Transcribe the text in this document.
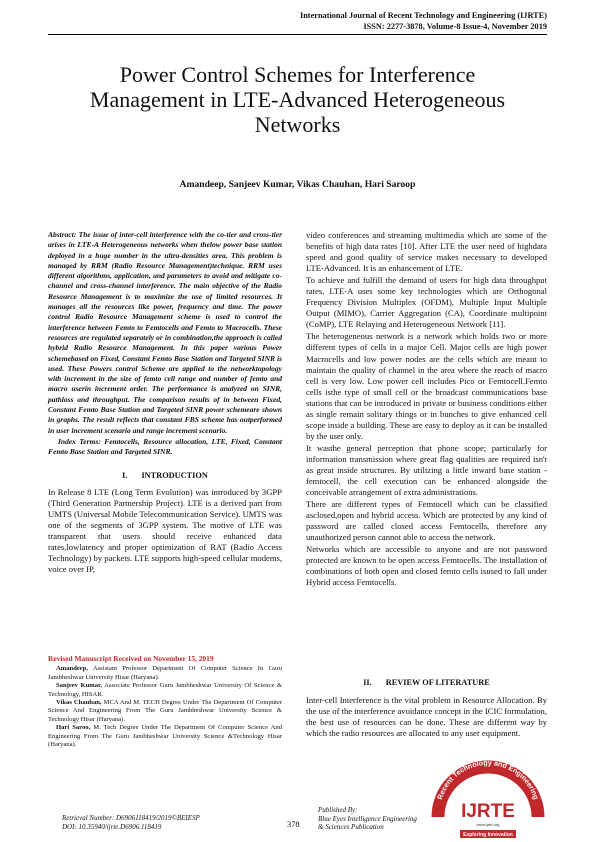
International Journal of Recent Technology and Engineering (IJRTE)
ISSN: 2277-3878, Volume-8 Issue-4, November 2019
Power Control Schemes for Interference Management in LTE-Advanced Heterogeneous Networks
Amandeep, Sanjeev Kumar, Vikas Chauhan, Hari Saroop

Abstract: The issue of inter-cell interference with the co-tier and cross-tier arises in LTE-A Heterogeneous networks when thelow power base station deployed in a huge number in the ultra-densities area. This problem is managed by RRM (Radio Resource Management)technique. RRM uses different algorithms, application, and parameters to avoid and mitigate co-channel and cross-channel interference. The main objective of the Radio Resource Management is to maximize the use of limited resources. It manages all the resources like power, frequency and time. The power control Radio Resource Management scheme is used to control the interference between Femto to Femtocells and Femto to Macrocells. These resources are regulated separately or in combination,the approach is called hybrid Radio Resource Management. In this paper various Power schemebased on Fixed, Constant Femto Base Station and Targeted SINR is used. These Powers control Scheme are applied to the networktopology with increment in the size of femto cell range and number of femto and macro userin increment order. The performance is analyzed on SINR, pathloss and throughput. The comparison results of in between Fixed, Constant Femto Base Station and Targeted SINR power schemeare shown in graphs. The result reflects that constant FBS scheme has outperformed in user increment scenario and range increment scenario.

Index Terms: Femtocells, Resource allocation, LTE, Fixed, Constant Femto Base Station and Targeted SINR.

I. INTRODUCTION

In Release 8 LTE (Long Term Evolution) was introduced by 3GPP (Third Generation Partnership Project). LTE is a derived part from UMTS (Universal Mobile Telecommunication Service). UMTS was one of the segments of 3GPP system. The motive of LTE was transparent that users should receive enhanced data rates,lowlatency and proper optimization of RAT (Radio Access Technology) by packets. LTE supports high-speed cellular modems, voice over IP,

video conferences and streaming multimedia which are some of the benefits of high data rates [10]. After LTE the user need of highdata speed and good quality of service makes necessary to developed LTE-Advanced. It is an enhancement of LTE.

To achieve and fulfill the demand of users for high data throughput rates, LTE-A uses some key technologies which are Orthogonal Frequency Division Multiplex (OFDM), Multiple Input Multiple Output (MIMO), Carrier Aggregation (CA), Coordinate multipoint (CoMP), LTE Relaying and Heterogeneous Network [11].

The heterogeneous network is a network which holds two or more different types of cells in a major Cell. Major cells are high power Macrocells and low power nodes are the cells which are meant to maintain the quality of channel in the area where the reach of macro cell is very low. Low power cell includes Pico or Femtocell.Femto cells isthe type of small cell or the broadcast communications base stations that can be introduced in private or business conditions either as single remain solitary things or in bunches to give enhanced cell scope inside a building. These are easy to deploy as it can be installed by the user only.

It wasthe general perception that phone scope; particularly for information transmission where great flag qualities are required isn't as great inside structures. By utilizing a little inward base station - femtocell, the cell execution can be enhanced alongside the conceivable arrangement of extra administrations.

There are different types of Femtocell which can be classified asclosed,open and hybrid access. Which are protected by any kind of password are called closed access Femtocells, therefore any unauthorized person cannot able to access the network.

Networks which are accessible to anyone and are not password protected are known to be open access Femtocells. The installation of combinations of both open and closed femto cells isused to fall under Hybrid access Femtocells.

Revised Manuscript Received on November 15, 2019

Amandeep, Assistant Professor Department Of Computer Science In Guru Jambheshwar University Hisar (Haryana).

Sanjeev Kumar, Associate Professor Guru Jambheshwar University Of Science & Technology, HISAR.

Vikas Chauhan, MCA And M. TECH Degree Under The Department Of Computer Science And Engineering From The Guru Jambheshwar University Science & Technology Hisar (Haryana).

Hari Saroo, M. Tech Degree Under The Department Of Computer Science And Engineering From The Guru Jambheshwar University Science &Technology Hisar (Haryana).

II. REVIEW OF LITERATURE
Inter-cell Interference is the vital problem in Resource Allocation. By the use of the interference avoidance concept in the ICIC formulation, the best use of resources can be done. These are different way by which the radio resources are allocated to any user equipment.
Recent Technology and Engineering
IJRTE
www.ijrte.org
Exploring Innovation
Retrieval Number: D6906118419/2019©BEIESP
DOI: 10.35940/ijrte.D6906.118419	378
Published By:
Blue Eyes Intelligence Engineering
& Sciences Publication
